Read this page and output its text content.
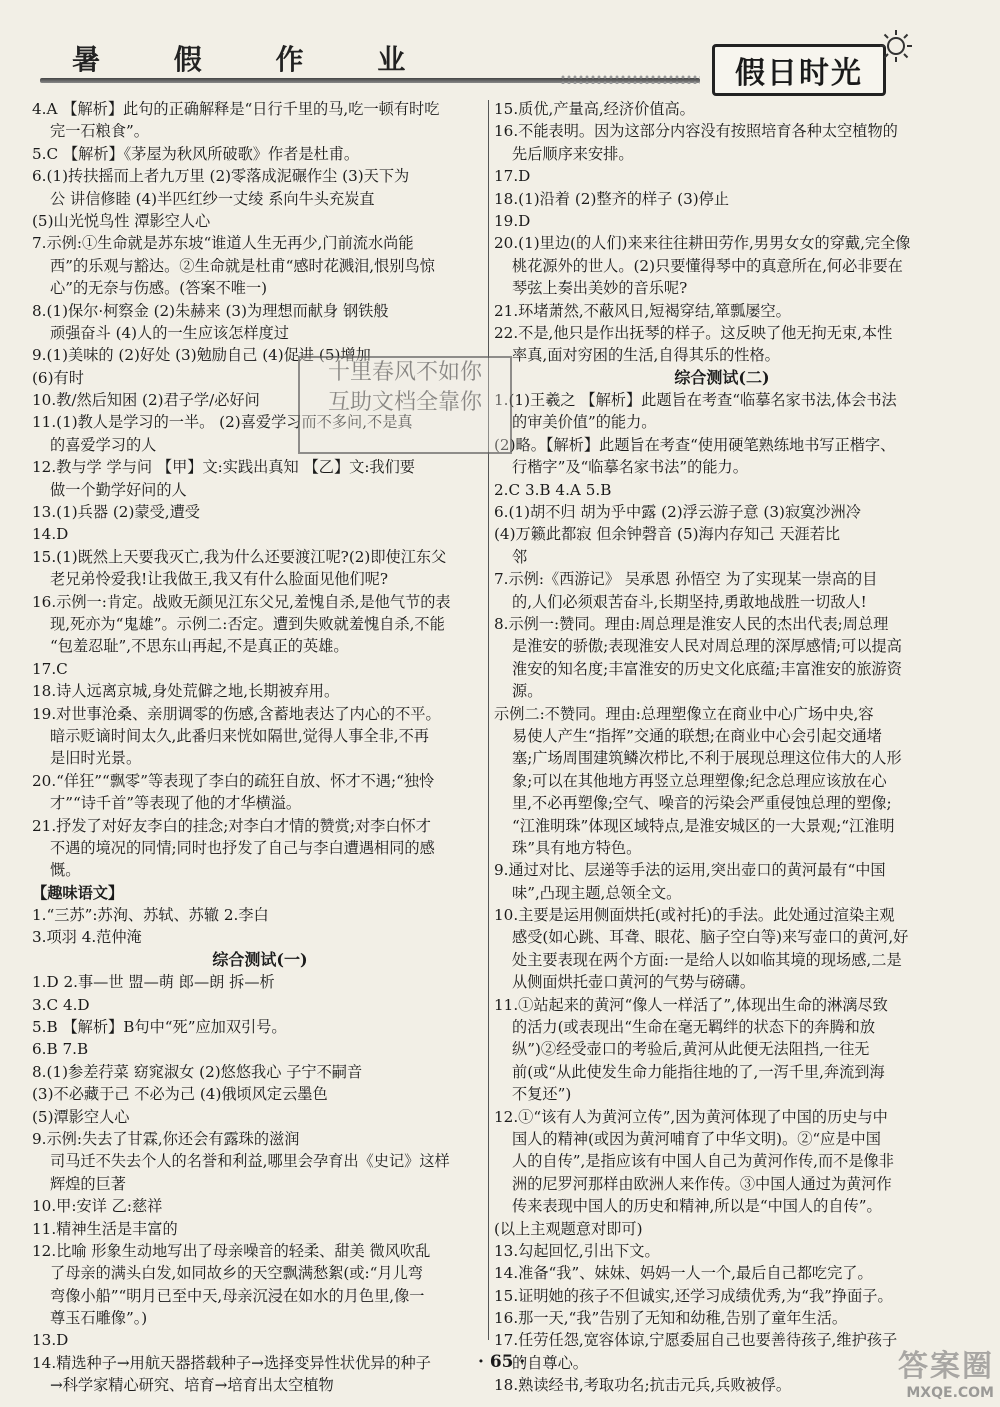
暑 假 作 业	假日时光
4.A 【解析】此句的正确解释是“日行千里的马,吃一顿有时吃
完一石粮食”。
5.C 【解析】《茅屋为秋风所破歌》作者是杜甫。
6.(1)抟扶摇而上者九万里 (2)零落成泥碾作尘 (3)天下为
公 讲信修睦 (4)半匹红纱一丈绫 系向牛头充炭直
(5)山光悦鸟性 潭影空人心
7.示例:①生命就是苏东坡“谁道人生无再少,门前流水尚能
西”的乐观与豁达。②生命就是杜甫“感时花溅泪,恨别鸟惊
心”的无奈与伤感。(答案不唯一)
8.(1)保尔·柯察金 (2)朱赫来 (3)为理想而献身 钢铁般
顽强奋斗 (4)人的一生应该怎样度过
9.(1)美味的 (2)好处 (3)勉励自己 (4)促进 (5)增加
(6)有时
10.教/然后知困 (2)君子学/必好问
11.(1)教人是学习的一半。 (2)喜爱学习而不多问,不是真
的喜爱学习的人
12.教与学 学与问 【甲】文:实践出真知 【乙】文:我们要
做一个勤学好问的人
13.(1)兵器 (2)蒙受,遭受
14.D
15.(1)既然上天要我灭亡,我为什么还要渡江呢?(2)即使江东父
老兄弟怜爱我!让我做王,我又有什么脸面见他们呢?
16.示例一:肯定。战败无颜见江东父兄,羞愧自杀,是他气节的表
现,死亦为“鬼雄”。示例二:否定。遭到失败就羞愧自杀,不能
“包羞忍耻”,不思东山再起,不是真正的英雄。
17.C
18.诗人远离京城,身处荒僻之地,长期被弃用。
19.对世事沧桑、亲朋调零的伤感,含蓄地表达了内心的不平。
暗示贬谪时间太久,此番归来恍如隔世,觉得人事全非,不再
是旧时光景。
20.“佯狂”“飘零”等表现了李白的疏狂自放、怀才不遇;“独怜
才”“诗千首”等表现了他的才华横溢。
21.抒发了对好友李白的挂念;对李白才情的赞赏;对李白怀才
不遇的境况的同情;同时也抒发了自己与李白遭遇相同的感
慨。
【趣味语文】
1.“三苏”:苏洵、苏轼、苏辙 2.李白
3.项羽 4.范仲淹
综合测试(一)
1.D 2.事—世 盟—萌 郎—朗 拆—析
3.C 4.D
5.B 【解析】B句中“死”应加双引号。
6.B 7.B
8.(1)参差荇菜 窈窕淑女 (2)悠悠我心 子宁不嗣音
(3)不必藏于己 不必为己 (4)俄顷风定云墨色
(5)潭影空人心
9.示例:失去了甘霖,你还会有露珠的滋润
司马迁不失去个人的名誉和利益,哪里会孕育出《史记》这样
辉煌的巨著
10.甲:安详 乙:慈祥
11.精神生活是丰富的
12.比喻 形象生动地写出了母亲噪音的轻柔、甜美 微风吹乱
了母亲的满头白发,如同故乡的天空飘满愁絮(或:“月儿弯
弯像小船”“明月已至中天,母亲沉浸在如水的月色里,像一
尊玉石雕像”。)
13.D
14.精选种子→用航天器搭载种子→选择变异性状优异的种子
→科学家精心研究、培育→培育出太空植物
15.质优,产量高,经济价值高。
16.不能表明。因为这部分内容没有按照培育各种太空植物的
先后顺序来安排。
17.D
18.(1)沿着 (2)整齐的样子 (3)停止
19.D
20.(1)里边(的人们)来来往往耕田劳作,男男女女的穿戴,完全像
桃花源外的世人。(2)只要懂得琴中的真意所在,何必非要在
琴弦上奏出美妙的音乐呢?
21.环堵萧然,不蔽风日,短褐穿结,箪瓢屡空。
22.不是,他只是作出抚琴的样子。这反映了他无拘无束,本性
率真,面对穷困的生活,自得其乐的性格。
综合测试(二)
1.(1)王羲之 【解析】此题旨在考查“临摹名家书法,体会书法
的审美价值”的能力。
(2)略。【解析】此题旨在考查“使用硬笔熟练地书写正楷字、
行楷字”及“临摹名家书法”的能力。
2.C 3.B 4.A 5.B
6.(1)胡不归 胡为乎中露 (2)浮云游子意 (3)寂寞沙洲冷
(4)万籁此都寂 但余钟磬音 (5)海内存知己 天涯若比
邻
7.示例:《西游记》 吴承恩 孙悟空 为了实现某一崇高的目
的,人们必须艰苦奋斗,长期坚持,勇敢地战胜一切敌人!
8.示例一:赞同。理由:周总理是淮安人民的杰出代表;周总理
是淮安的骄傲;表现淮安人民对周总理的深厚感情;可以提高
淮安的知名度;丰富淮安的历史文化底蕴;丰富淮安的旅游资
源。
示例二:不赞同。理由:总理塑像立在商业中心广场中央,容
易使人产生“指挥”交通的联想;在商业中心会引起交通堵
塞;广场周围建筑鳞次栉比,不利于展现总理这位伟大的人形
象;可以在其他地方再竖立总理塑像;纪念总理应该放在心
里,不必再塑像;空气、噪音的污染会严重侵蚀总理的塑像;
“江淮明珠”体现区域特点,是淮安城区的一大景观;“江淮明
珠”具有地方特色。
9.通过对比、层递等手法的运用,突出壶口的黄河最有“中国
味”,凸现主题,总领全文。
10.主要是运用侧面烘托(或衬托)的手法。此处通过渲染主观
感受(如心跳、耳聋、眼花、脑子空白等)来写壶口的黄河,好
处主要表现在两个方面:一是给人以如临其境的现场感,二是
从侧面烘托壶口黄河的气势与磅礴。
11.①站起来的黄河“像人一样活了”,体现出生命的淋漓尽致
的活力(或表现出“生命在毫无羁绊的状态下的奔腾和放
纵”)②经受壶口的考验后,黄河从此便无法阻挡,一往无
前(或“从此使发生命力能指往地的了,一泻千里,奔流到海
不复还”)
12.①“该有人为黄河立传”,因为黄河体现了中国的历史与中
国人的精神(或因为黄河哺育了中华文明)。②“应是中国
人的自传”,是指应该有中国人自己为黄河作传,而不是像非
洲的尼罗河那样由欧洲人来作传。③中国人通过为黄河作
传来表现中国人的历史和精神,所以是“中国人的自传”。
(以上主观题意对即可)
13.勾起回忆,引出下文。
14.准备“我”、妹妹、妈妈一人一个,最后自己都吃完了。
15.证明她的孩子不但诚实,还学习成绩优秀,为“我”挣面子。
16.那一天,“我”告别了无知和幼稚,告别了童年生活。
17.任劳任怨,宽容体谅,宁愿委屈自己也要善待孩子,维护孩子
的自尊心。
18.熟读经书,考取功名;抗击元兵,兵败被俘。
十里春风不如你
互助文档全靠你
· 65 ·	答案圈
MXQE.COM
